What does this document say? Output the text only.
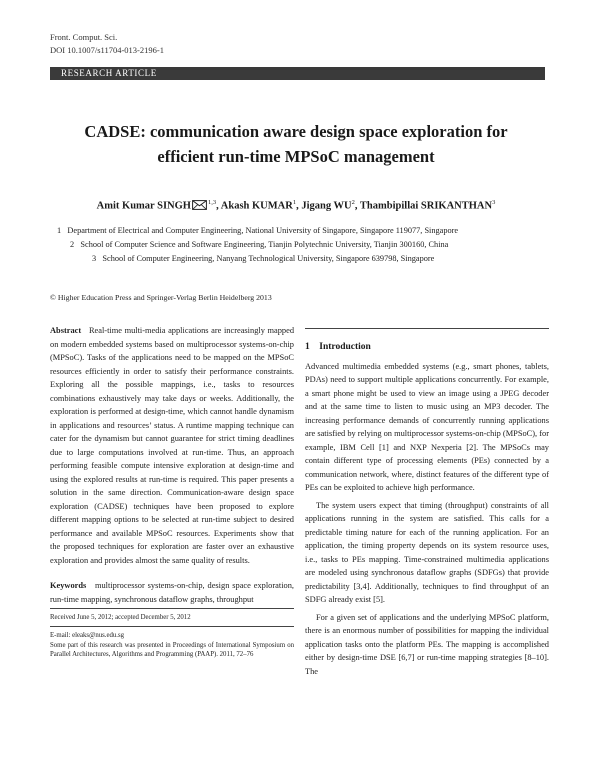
Front. Comput. Sci.
DOI 10.1007/s11704-013-2196-1
RESEARCH ARTICLE
CADSE: communication aware design space exploration for
efficient run-time MPSoC management
Amit Kumar SINGH	$^{1,3}$, Akash KUMAR$^1$, Jigang $WU^2$, Thambipillai SRIKANTHAN$^3$
1 Department of Electrical and Computer Engineering, National University of Singapore, Singapore 119077, Singapore
2 School of Computer Science and Software Engineering, Tianjin Polytechnic University, Tianjin 300160, China
3 School of Computer Engineering, Nanyang Technological University, Singapore 639798, Singapore
© Higher Education Press and Springer-Verlag Berlin Heidelberg 2013

Abstract Real-time multi-media applications are increasingly mapped on modern embedded systems based on multiprocessor systems-on-chip (MPSoC). Tasks of the applications need to be mapped on the MPSoC resources efficiently in order to satisfy their performance constraints. Exploring all the possible mappings, i.e., tasks to resources combinations exhaustively may take days or weeks. Additionally, the exploration is performed at design-time, which cannot handle dynamism in applications and resources’ status. A runtime mapping technique can cater for the dynamism but cannot guarantee for strict timing deadlines due to large computations involved at run-time. Thus, an approach performing feasible compute intensive exploration at design-time and using the explored results at run-time is required. This paper presents a solution in the same direction. Communication-aware design space exploration (CADSE) techniques have been proposed to explore different mapping options to be selected at run-time subject to desired performance and available MPSoC resources. Experiments show that the proposed techniques for exploration are faster over an exhaustive exploration and provides almost the same quality of results.

Keywords multiprocessor systems-on-chip, design space exploration, run-time mapping, synchronous dataflow graphs, throughput

Received June 5, 2012; accepted December 5, 2012
E-mail: eleaks@nus.edu.sg
Some part of this research was presented in Proceedings of International Symposium on Parallel Architectures, Algorithms and Programming (PAAP). 2011, 72–76
1    Introduction

Advanced multimedia embedded systems (e.g., smart phones, tablets, PDAs) need to support multiple applications concurrently. For example, a smart phone might be used to view an image using a JPEG decoder and at the same time to listen to music using an MP3 decoder. The increasing performance demands of concurrently running applications are satisfied by relying on multiprocessor systems-on-chip (MPSoC), for example, IBM Cell [1] and NXP Nexperia [2]. The MPSoCs may contain different type of processing elements (PEs) connected by a communication network, where, distinct features of the different type of PEs can be exploited to achieve high performance.

The system users expect that timing (throughput) constraints of all applications running in the system are satisfied. This calls for a predictable timing nature for each of the running application. For an application, the timing property depends on its system resource uses, i.e., tasks to PEs mapping. Time-constrained multimedia applications are modeled using synchronous dataflow graphs (SDFGs) that provide predictability [3,4]. Additionally, techniques to find throughput of an SDFG already exist [5].

For a given set of applications and the underlying MPSoC platform, there is an enormous number of possibilities for mapping the individual application tasks onto the platform PEs. The mapping is accomplished either by design-time DSE [6,7] or run-time mapping strategies [8–10]. The
